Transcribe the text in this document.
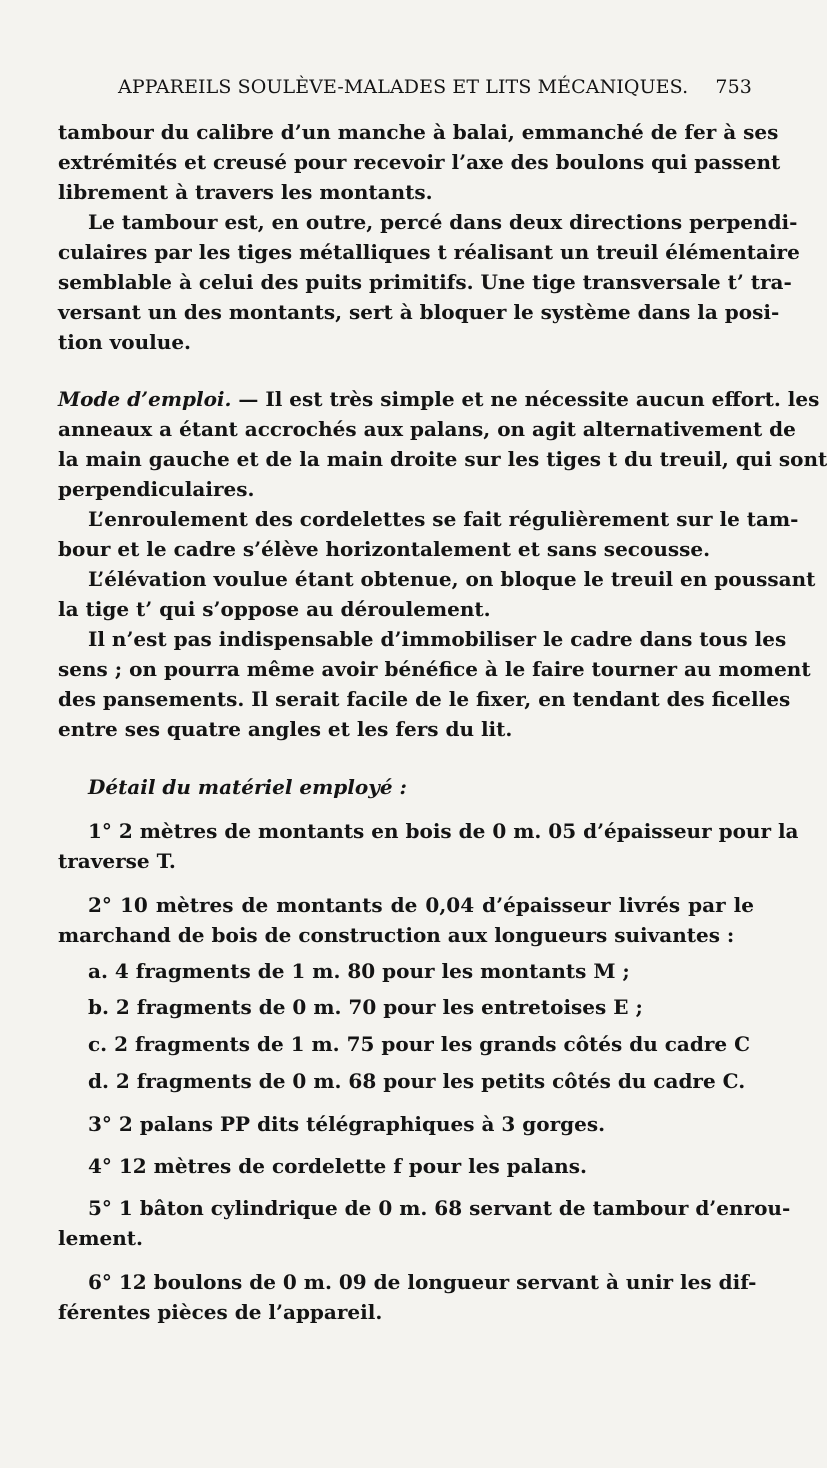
APPAREILS SOULÈVE-MALADES ET LITS MÉCANIQUES. 753
tambour du calibre d’un manche à balai, emmanché de fer à ses
extrémités et creusé pour recevoir l’axe des boulons qui passent
librement à travers les montants.
Le tambour est, en outre, percé dans deux directions perpendi-
culaires par les tiges métalliques t réalisant un treuil élémentaire
semblable à celui des puits primitifs. Une tige transversale t’ tra-
versant un des montants, sert à bloquer le système dans la posi-
tion voulue.
Mode d’emploi. — Il est très simple et ne nécessite aucun effort. les
anneaux a étant accrochés aux palans, on agit alternativement de
la main gauche et de la main droite sur les tiges t du treuil, qui sont
perpendiculaires.
L’enroulement des cordelettes se fait régulièrement sur le tam-
bour et le cadre s’élève horizontalement et sans secousse.
L’élévation voulue étant obtenue, on bloque le treuil en poussant
la tige t’ qui s’oppose au déroulement.
Il n’est pas indispensable d’immobiliser le cadre dans tous les
sens ; on pourra même avoir bénéfice à le faire tourner au moment
des pansements. Il serait facile de le fixer, en tendant des ficelles
entre ses quatre angles et les fers du lit.
Détail du matériel employé :
1° 2 mètres de montants en bois de 0 m. 05 d’épaisseur pour la
traverse T.
2° 10 mètres de montants de 0,04 d’épaisseur livrés par le
marchand de bois de construction aux longueurs suivantes :
a. 4 fragments de 1 m. 80 pour les montants M ;
b. 2 fragments de 0 m. 70 pour les entretoises E ;
c. 2 fragments de 1 m. 75 pour les grands côtés du cadre C
d. 2 fragments de 0 m. 68 pour les petits côtés du cadre C.
3° 2 palans PP dits télégraphiques à 3 gorges.
4° 12 mètres de cordelette f pour les palans.
5° 1 bâton cylindrique de 0 m. 68 servant de tambour d’enrou-
lement.
6° 12 boulons de 0 m. 09 de longueur servant à unir les dif-
férentes pièces de l’appareil.
